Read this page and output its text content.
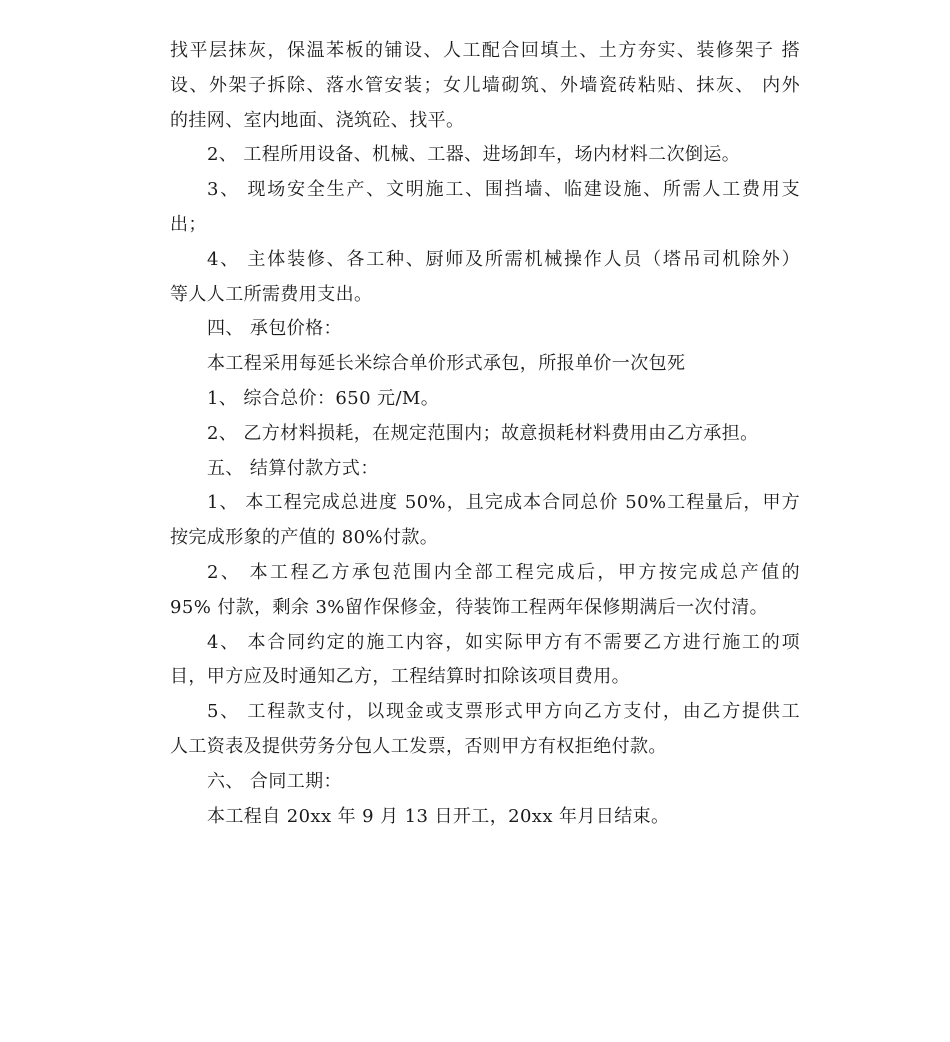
找平层抹灰，保温苯板的铺设、人工配合回填土、土方夯实、装修架子 搭
设、外架子拆除、落水管安装；女儿墙砌筑、外墙瓷砖粘贴、抹灰、 内外
的挂网、室内地面、浇筑砼、找平。
2、 工程所用设备、机械、工器、进场卸车，场内材料二次倒运。
3、 现场安全生产、文明施工、围挡墙、临建设施、所需人工费用支
出；
4、 主体装修、各工种、厨师及所需机械操作人员（塔吊司机除外）
等人人工所需费用支出。
四、 承包价格：
本工程采用每延长米综合单价形式承包，所报单价一次包死
1、 综合总价：650 元/M。
2、 乙方材料损耗，在规定范围内；故意损耗材料费用由乙方承担。
五、 结算付款方式：
1、 本工程完成总进度 50%，且完成本合同总价 50%工程量后，甲方
按完成形象的产值的 80%付款。
2、 本工程乙方承包范围内全部工程完成后，甲方按完成总产值的
95% 付款，剩余 3%留作保修金，待装饰工程两年保修期满后一次付清。
4、 本合同约定的施工内容，如实际甲方有不需要乙方进行施工的项
目，甲方应及时通知乙方，工程结算时扣除该项目费用。
5、 工程款支付，以现金或支票形式甲方向乙方支付，由乙方提供工
人工资表及提供劳务分包人工发票，否则甲方有权拒绝付款。
六、 合同工期：
本工程自 20xx 年 9 月 13 日开工，20xx 年月日结束。
